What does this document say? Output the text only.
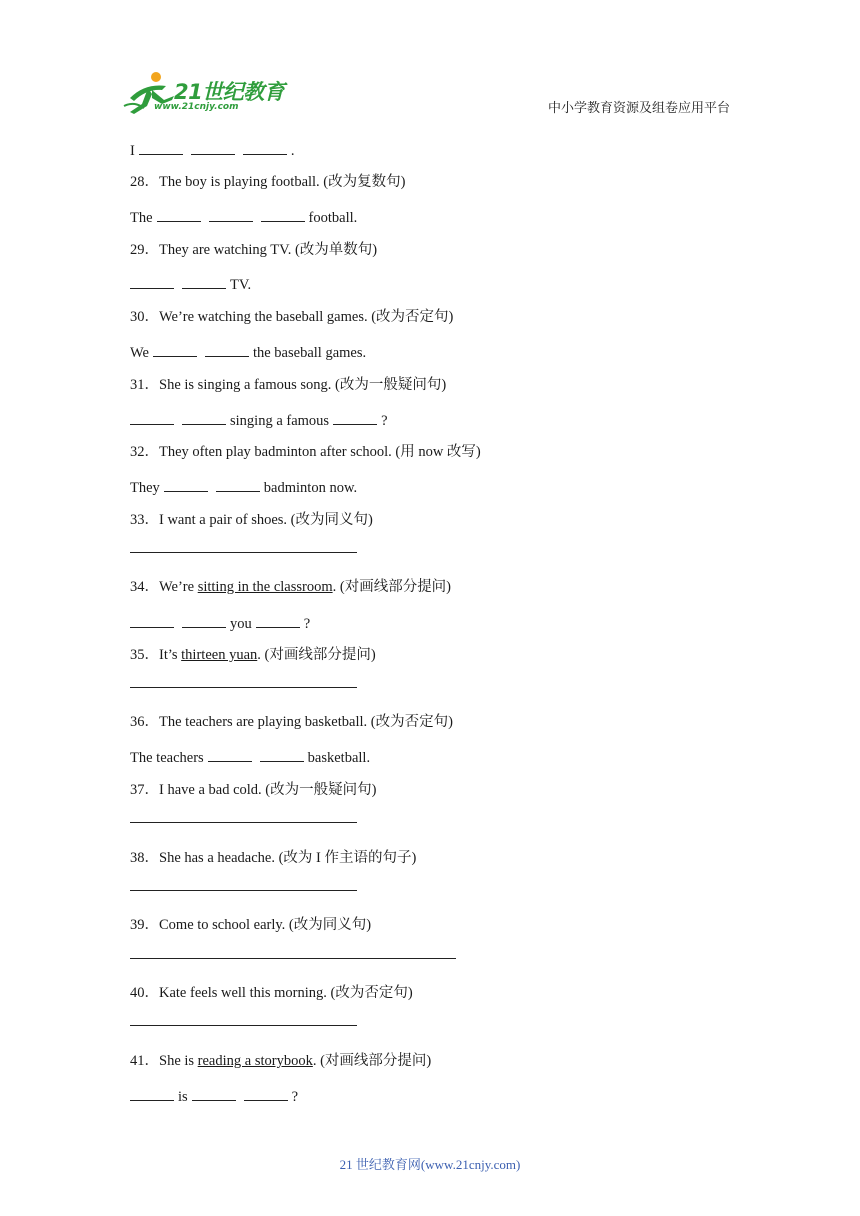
21世纪教育
www.21cnjy.com	中小学教育资源及组卷应用平台
I	.
28．The boy is playing football. (改为复数句)
The	football.
29．They are watching TV. (改为单数句)
TV.
30．We’re watching the baseball games. (改为否定句)
We	the baseball games.
31．She is singing a famous song. (改为一般疑问句)
singing a famous	?
32．They often play badminton after school. (用 now 改写)
They	badminton now.
33．I want a pair of shoes. (改为同义句)
34．We’re sitting in the classroom. (对画线部分提问)
you	?
35．It’s thirteen yuan. (对画线部分提问)
36．The teachers are playing basketball. (改为否定句)
The teachers	basketball.
37．I have a bad cold. (改为一般疑问句)
38．She has a headache. (改为 I 作主语的句子)
39．Come to school early. (改为同义句)
40．Kate feels well this morning. (改为否定句)
41．She is reading a storybook. (对画线部分提问)
is	?
21 世纪教育网(www.21cnjy.com)
